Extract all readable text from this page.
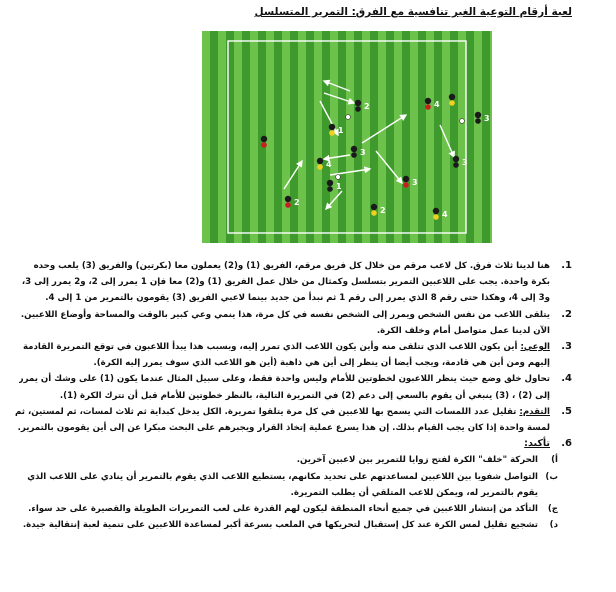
لعبة أرقام التوعية الغير تنافسية مع الفرق: التمرير المتسلسل
1
2
3
4
2
3
4
1
2
3
4
3
1.
هنا لدينا ثلاث فرق. كل لاعب مرقم من خلال كل فريق مرقم، الفريق (1) و(2) يعملون معا (بكرتين) والفريق (3) يلعب وحده
بكرة واحدة. يجب على اللاعبين التمرير بتسلسل وكمثال من خلال عمل الفريق (1) و(2) معا فإن 1 يمرر إلى 2، و2 يمرر إلى 3،
و3 إلى 4، وهكذا حتى رقم 8 الذي يمرر إلى رقم 1 ثم نبدأ من جديد بينما لاعبي الفريق (3) يقومون بالتمرير من 1 إلى 4.
2.
يتلقى اللاعب من نفس الشخص ويمرر إلى الشخص نفسه في كل مرة، هذا ينمي وعي كبير بالوقت والمساحة وأوضاع اللاعبين.
الآن لدينا عمل متواصل أمام وخلف الكرة.
3.
الوعي: أين يكون اللاعب الذي تتلقى منه وأين يكون اللاعب الذي تمرر إليه، وبسبب هذا يبدأ اللاعبون في توقع التمريرة القادمة
إليهم ومن أين هي قادمة، ويجب أيضا أن ينظر إلى أين هي ذاهبة (أين هو اللاعب الذي سوف يمرر إليه الكرة).
4.
تحاول خلق وضع حيث ينظر اللاعبون لخطوتين للأمام وليس واحدة فقط، وعلى سبيل المثال عندما يكون (1) على وشك أن يمرر
إلى (2) ، (3) ينبغي أن يقوم بالسعي إلى دعم (2) في التمريرة التالية، بالنظر خطوتين للأمام قبل أن تترك الكرة (1).
5.
التقدم: تقليل عدد اللمسات التي يسمح بها للاعبين في كل مرة يتلقوا تمريرة. الكل يدخل كبداية ثم ثلاث لمسات، ثم لمستين، ثم
لمسة واحدة إذا كان يجب القيام بذلك. إن هذا يسرع عملية إتخاذ القرار ويجبرهم على البحث مبكرا عن إلى أين يقومون بالتمرير.
6.
تأكيد:
أ)
الحركة "خلف" الكرة لفتح زوايا للتمرير بين لاعبين آخرين.
ب)
التواصل شفويا بين اللاعبين لمساعدتهم على تحديد مكانهم، يستطيع اللاعب الذي يقوم بالتمرير أن ينادي على اللاعب الذي
يقوم بالتمرير له، ويمكن للاعب المتلقي أن يطلب التمريرة.
ج)
التأكد من إنتشار اللاعبين في جميع أنحاء المنطقة ليكون لهم القدرة على لعب التمريرات الطويلة والقصيرة على حد سواء.
د)
تشجيع تقليل لمس الكرة عند كل إستقبال لتحريكها في الملعب بسرعة أكبر لمساعدة اللاعبين على تنمية لعبة إنتقالية جيدة.
